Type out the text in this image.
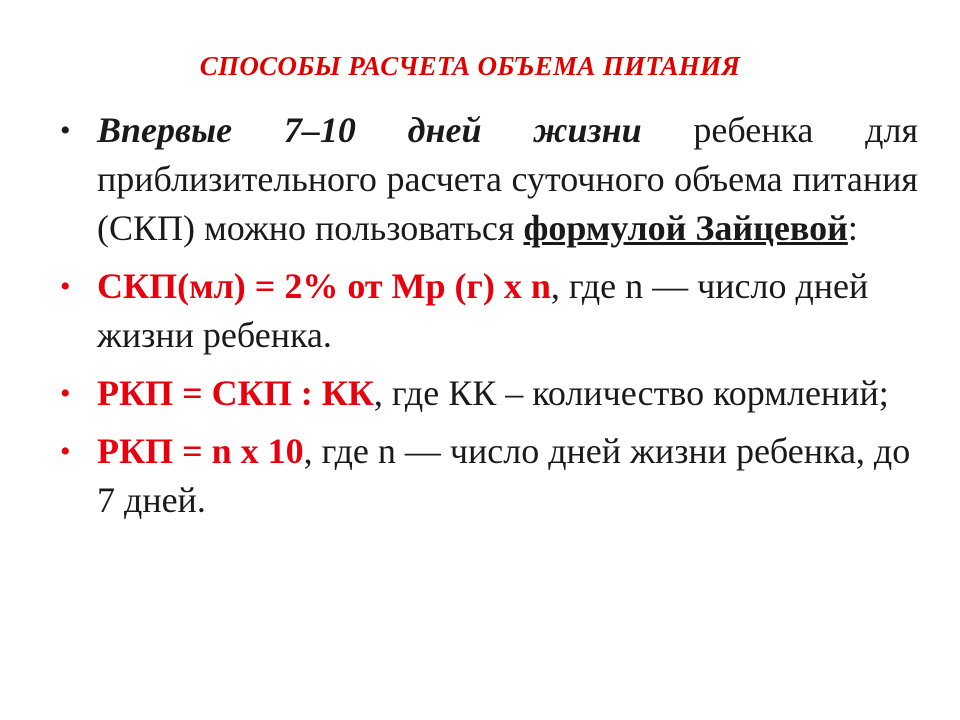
СПОСОБЫ РАСЧЕТА ОБЪЕМА ПИТАНИЯ
• Впервые 7–10 дней жизни ребенка для приблизительного расчета суточного объема питания (СКП) можно пользоваться формулой Зайцевой:
• СКП(мл) = 2% от Мр (г) х n, где n — число дней жизни ребенка.
• РКП = СКП : КК, где КК – количество кормлений;
• РКП = n х 10, где n — число дней жизни ребенка, до 7 дней.
